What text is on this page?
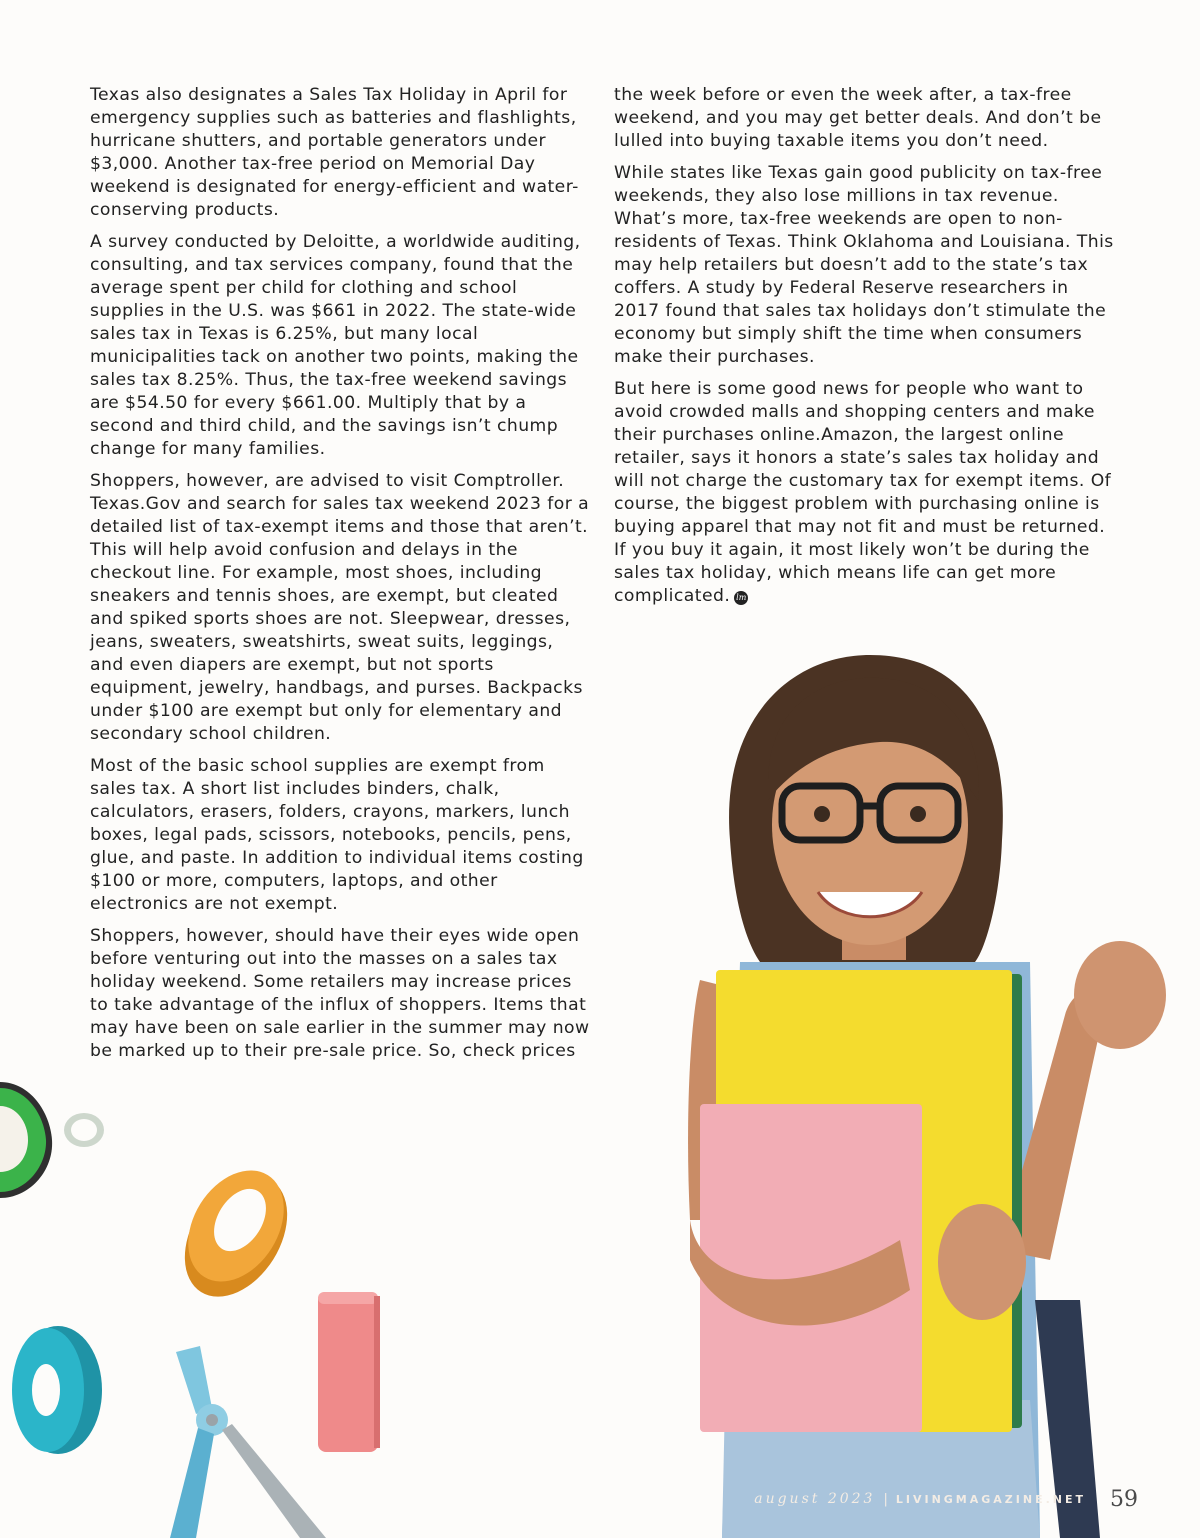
Texas also designates a Sales Tax Holiday in April for emergency supplies such as batteries and flashlights, hurricane shutters, and portable generators under $3,000. Another tax-free period on Memorial Day weekend is designated for energy-efficient and water-conserving products.

A survey conducted by Deloitte, a worldwide auditing, consulting, and tax services company, found that the average spent per child for clothing and school supplies in the U.S. was $661 in 2022. The state-wide sales tax in Texas is 6.25%, but many local municipalities tack on another two points, making the sales tax 8.25%. Thus, the tax-free weekend savings are $54.50 for every $661.00. Multiply that by a second and third child, and the savings isn’t chump change for many families.

Shoppers, however, are advised to visit Comptroller. Texas.Gov and search for sales tax weekend 2023 for a detailed list of tax-exempt items and those that aren’t. This will help avoid confusion and delays in the checkout line. For example, most shoes, including sneakers and tennis shoes, are exempt, but cleated and spiked sports shoes are not. Sleepwear, dresses, jeans, sweaters, sweatshirts, sweat suits, leggings, and even diapers are exempt, but not sports equipment, jewelry, handbags, and purses. Backpacks under $100 are exempt but only for elementary and secondary school children.

Most of the basic school supplies are exempt from sales tax. A short list includes binders, chalk, calculators, erasers, folders, crayons, markers, lunch boxes, legal pads, scissors, notebooks, pencils, pens, glue, and paste. In addition to individual items costing $100 or more, computers, laptops, and other electronics are not exempt.

Shoppers, however, should have their eyes wide open before venturing out into the masses on a sales tax holiday weekend. Some retailers may increase prices to take advantage of the influx of shoppers. Items that may have been on sale earlier in the summer may now be marked up to their pre-sale price. So, check prices

the week before or even the week after, a tax-free weekend, and you may get better deals. And don’t be lulled into buying taxable items you don’t need.

While states like Texas gain good publicity on tax-free weekends, they also lose millions in tax revenue. What’s more, tax-free weekends are open to non-residents of Texas. Think Oklahoma and Louisiana. This may help retailers but doesn’t add to the state’s tax coffers. A study by Federal Reserve researchers in 2017 found that sales tax holidays don’t stimulate the economy but simply shift the time when consumers make their purchases.

But here is some good news for people who want to avoid crowded malls and shopping centers and make their purchases online.Amazon, the largest online retailer, says it honors a state’s sales tax holiday and will not charge the customary tax for exempt items. Of course, the biggest problem with purchasing online is buying apparel that may not fit and must be returned. If you buy it again, it most likely won’t be during the sales tax holiday, which means life can get more complicated. lm

august 2023 | LIVINGMAGAZINE.NET 59
